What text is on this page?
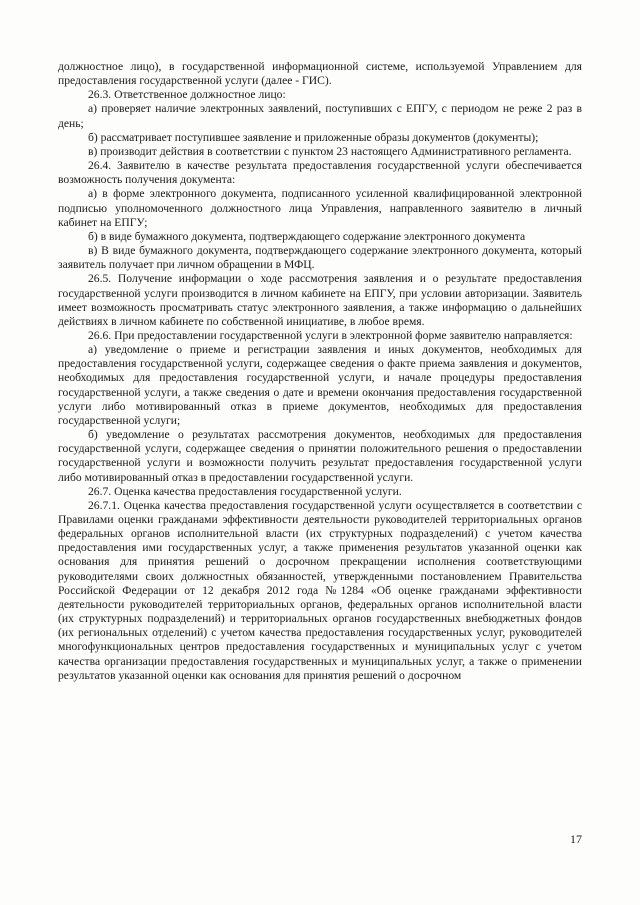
должностное лицо), в государственной информационной системе, используемой Управлением для предоставления государственной услуги (далее - ГИС).

26.3. Ответственное должностное лицо:

а) проверяет наличие электронных заявлений, поступивших с ЕПГУ, с периодом не реже 2 раз в день;

б) рассматривает поступившее заявление и приложенные образы документов (документы);

в) производит действия в соответствии с пунктом 23 настоящего Административного регламента.

26.4. Заявителю в качестве результата предоставления государственной услуги обеспечивается возможность получения документа:

а) в форме электронного документа, подписанного усиленной квалифицированной электронной подписью уполномоченного должностного лица Управления, направленного заявителю в личный кабинет на ЕПГУ;

б) в виде бумажного документа, подтверждающего содержание электронного документа

в) В виде бумажного документа, подтверждающего содержание электронного документа, который заявитель получает при личном обращении в МФЦ.

26.5. Получение информации о ходе рассмотрения заявления и о результате предоставления государственной услуги производится в личном кабинете на ЕПГУ, при условии авторизации. Заявитель имеет возможность просматривать статус электронного заявления, а также информацию о дальнейших действиях в личном кабинете по собственной инициативе, в любое время.

26.6. При предоставлении государственной услуги в электронной форме заявителю направляется:

а) уведомление о приеме и регистрации заявления и иных документов, необходимых для предоставления государственной услуги, содержащее сведения о факте приема заявления и документов, необходимых для предоставления государственной услуги, и начале процедуры предоставления государственной услуги, а также сведения о дате и времени окончания предоставления государственной услуги либо мотивированный отказ в приеме документов, необходимых для предоставления государственной услуги;

б) уведомление о результатах рассмотрения документов, необходимых для предоставления государственной услуги, содержащее сведения о принятии положительного решения о предоставлении государственной услуги и возможности получить результат предоставления государственной услуги либо мотивированный отказ в предоставлении государственной услуги.

26.7. Оценка качества предоставления государственной услуги.

26.7.1. Оценка качества предоставления государственной услуги осуществляется в соответствии с Правилами оценки гражданами эффективности деятельности руководителей территориальных органов федеральных органов исполнительной власти (их структурных подразделений) с учетом качества предоставления ими государственных услуг, а также применения результатов указанной оценки как основания для принятия решений о досрочном прекращении исполнения соответствующими руководителями своих должностных обязанностей, утвержденными постановлением Правительства Российской Федерации от 12 декабря 2012 года №1284 «Об оценке гражданами эффективности деятельности руководителей территориальных органов, федеральных органов исполнительной власти (их структурных подразделений) и территориальных органов государственных внебюджетных фондов (их региональных отделений) с учетом качества предоставления государственных услуг, руководителей многофункциональных центров предоставления государственных и муниципальных услуг с учетом качества организации предоставления государственных и муниципальных услуг, а также о применении результатов указанной оценки как основания для принятия решений о досрочном

17
